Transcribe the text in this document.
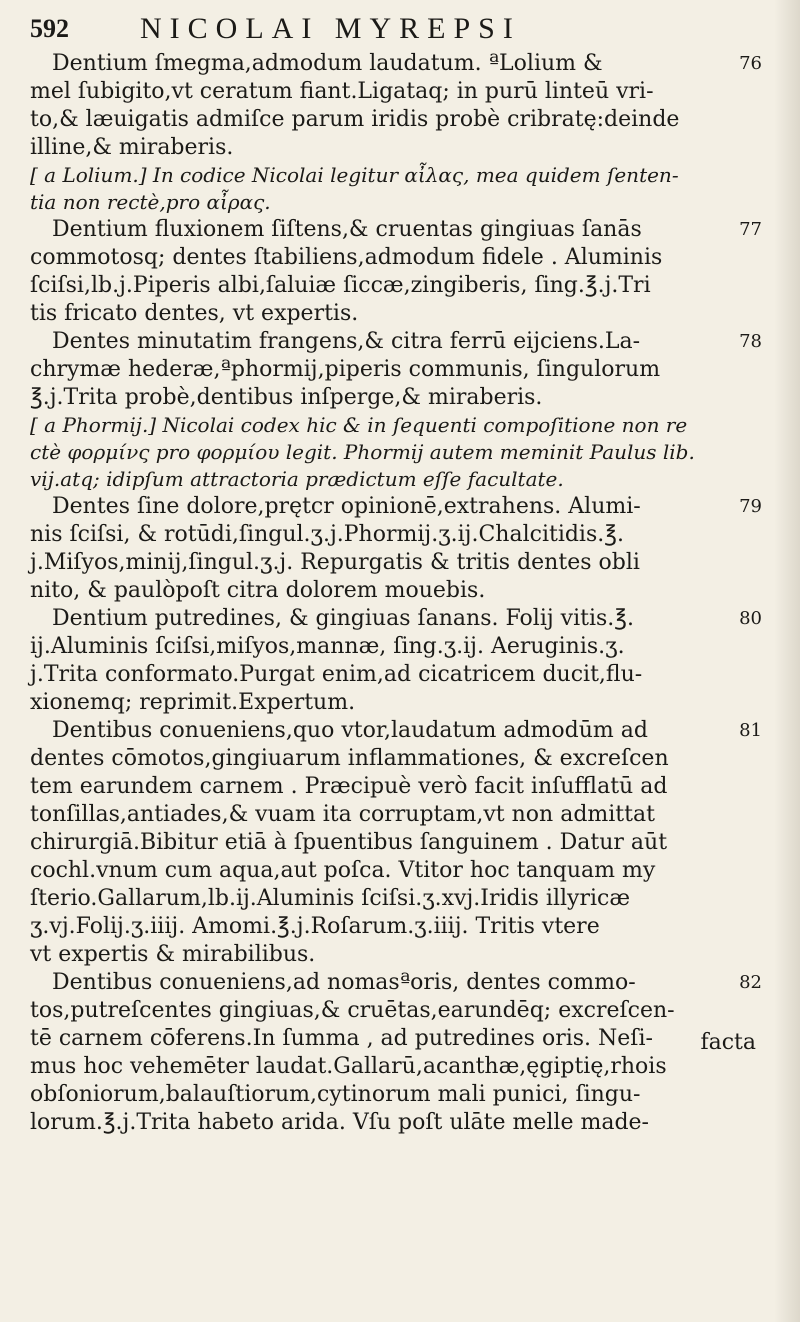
592 NICOLAI MYREPSI
Dentium ſmegma,admodum laudatum. ªLolium &	76
mel ſubigito,vt ceratum fiant.Ligataq; in purū linteū vri-
to,& læuigatis admiſce parum iridis probè cribratę:deinde
illine,& miraberis.
[ a Lolium.] In codice Nicolai legitur αἶλας, mea quidem ſenten-
tia non rectè,pro αἶρας.
Dentium fluxionem ſiſtens,& cruentas gingiuas ſanās	77
commotosq; dentes ſtabiliens,admodum fidele . Aluminis
ſciſsi,lb.j.Piperis albi,ſaluiæ ſiccæ,zingiberis, ſing.℥.j.Tri
tis fricato dentes, vt expertis.
Dentes minutatim frangens,& citra ferrū eijciens.La-	78
chrymæ hederæ,ªphormij,piperis communis, ſingulorum
℥.j.Trita probè,dentibus inſperge,& miraberis.
[ a Phormij.] Nicolai codex hic & in ſequenti compoſitione non re
ctè φορμίνς pro φορμίου legit. Phormij autem meminit Paulus lib.
vij.atq; idipſum attractoria prædictum eſſe facultate.
Dentes ſine dolore,prętcr opinionē,extrahens. Alumi-	79
nis ſciſsi, & rotūdi,ſingul.ʒ.j.Phormij.ʒ.ij.Chalcitidis.℥.
j.Miſyos,minij,ſingul.ʒ.j. Repurgatis & tritis dentes obli
nito, & paulòpoſt citra dolorem mouebis.
Dentium putredines, & gingiuas ſanans. Folij vitis.℥.	80
ij.Aluminis ſciſsi,miſyos,mannæ, ſing.ʒ.ij. Aeruginis.ʒ.
j.Trita conformato.Purgat enim,ad cicatricem ducit,flu-
xionemq; reprimit.Expertum.
Dentibus conueniens,quo vtor,laudatum admodūm ad	81
dentes cōmotos,gingiuarum inflammationes, & excreſcen
tem earundem carnem . Præcipuè verò facit inſufflatū ad
tonſillas,antiades,& vuam ita corruptam,vt non admittat
chirurgiā.Bibitur etiā à ſpuentibus ſanguinem . Datur aūt
cochl.vnum cum aqua,aut poſca. Vtitor hoc tanquam my
ſterio.Gallarum,lb.ij.Aluminis ſciſsi.ʒ.xvj.Iridis illyricæ
ʒ.vj.Folij.ʒ.iiij. Amomi.℥.j.Roſarum.ʒ.iiij. Tritis vtere
vt expertis & mirabilibus.
Dentibus conueniens,ad nomasªoris, dentes commo-	82
tos,putreſcentes gingiuas,& cruētas,earundēq; excreſcen-
tē carnem cōferens.In ſumma , ad putredines oris. Neſi-
mus hoc vehemēter laudat.Gallarū,acanthæ,ęgiptię,rhois
obſoniorum,balauſtiorum,cytinorum mali punici, ſingu-
lorum.℥.j.Trita habeto arida. Vſu poſt ulāte melle made-
facta
